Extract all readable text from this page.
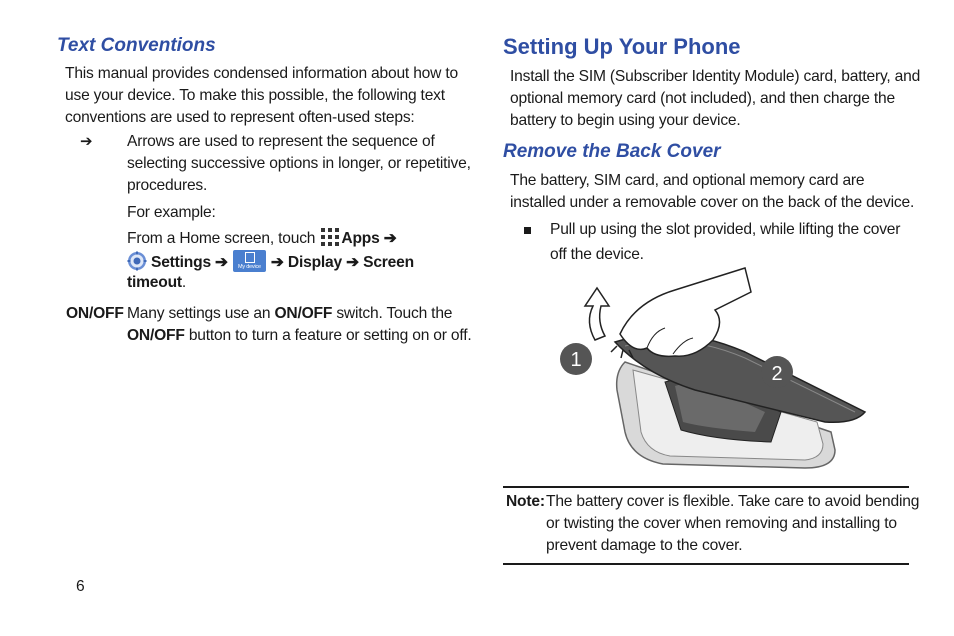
Text Conventions

This manual provides condensed information about how to

use your device. To make this possible, the following text

conventions are used to represent often-used steps:

➔ Arrows are used to represent the sequence of

selecting successive options in longer, or repetitive,

procedures.

For example:

From a Home screen, touch Apps ➔

Settings ➔	My device ➔ Display ➔ Screen

timeout.

ON/OFF Many settings use an ON/OFF switch. Touch the

ON/OFF button to turn a feature or setting on or off.

Setting Up Your Phone

Install the SIM (Subscriber Identity Module) card, battery, and

optional memory card (not included), and then charge the

battery to begin using your device.

Remove the Back Cover

The battery, SIM card, and optional memory card are

installed under a removable cover on the back of the device.

Pull up using the slot provided, while lifting the cover

off the device.

1
2

Note: The battery cover is flexible. Take care to avoid bending

or twisting the cover when removing and installing to

prevent damage to the cover.

6
